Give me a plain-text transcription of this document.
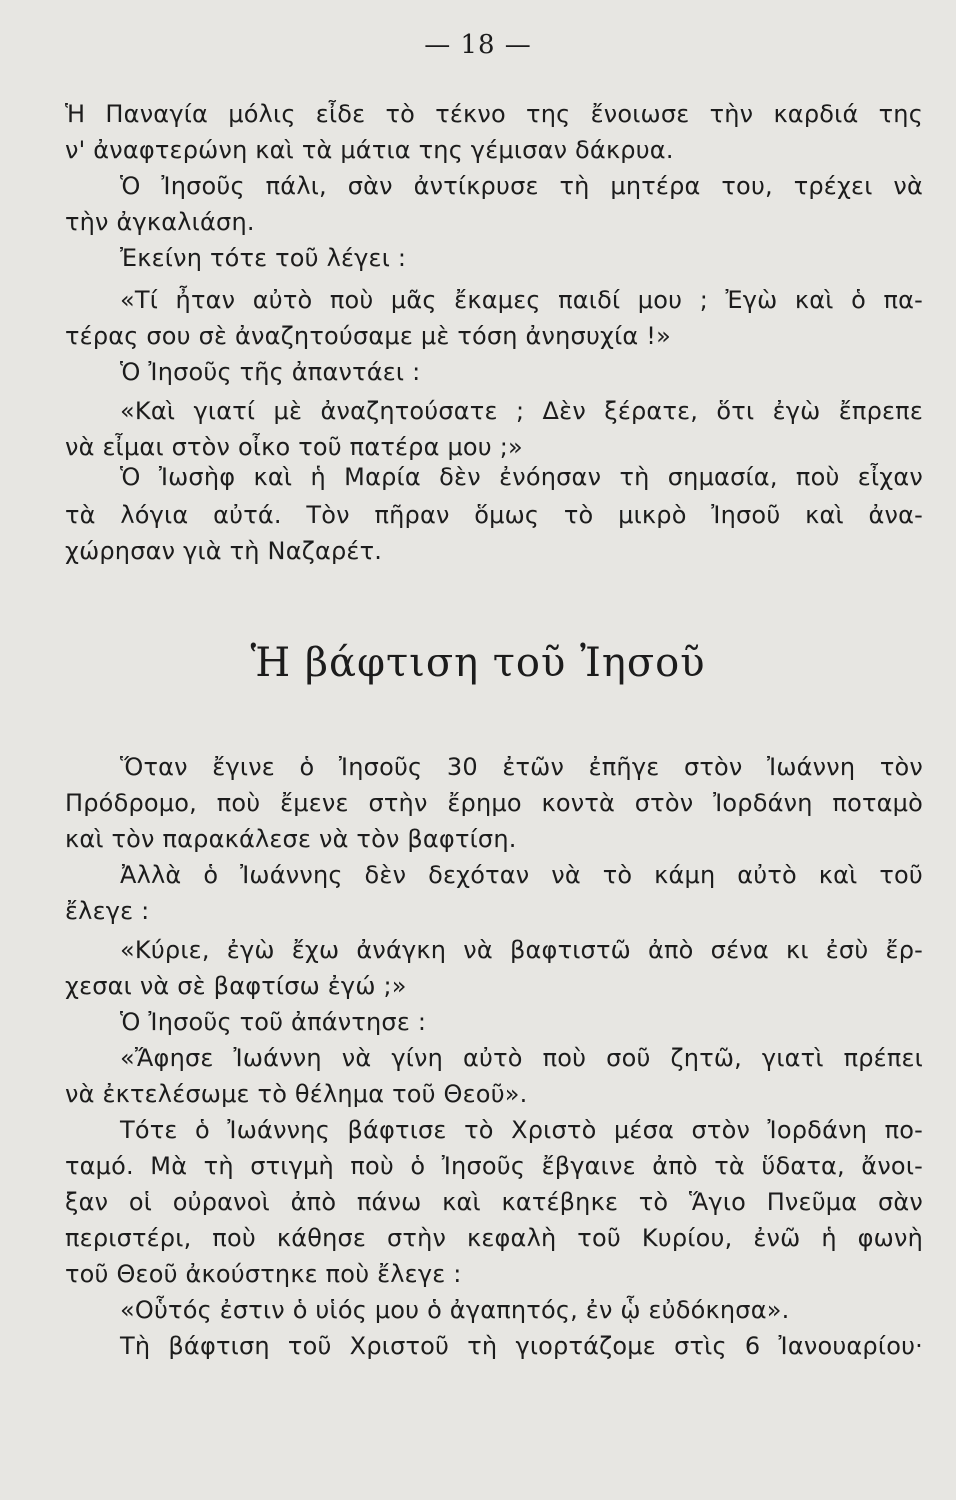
— 18 —
Ἡ Παναγία μόλις εἶδε τὸ τέκνο της ἔνοιωσε τὴν καρδιά της
ν' ἀναφτερώνη καὶ τὰ μάτια της γέμισαν δάκρυα.
Ὁ Ἰησοῦς πάλι, σὰν ἀντίκρυσε τὴ μητέρα του, τρέχει νὰ
τὴν ἀγκαλιάση.
Ἐκείνη τότε τοῦ λέγει :
«Τί ἦταν αὐτὸ ποὺ μᾶς ἔκαμες παιδί μου ; Ἐγὼ καὶ ὁ πα-
τέρας σου σὲ ἀναζητούσαμε μὲ τόση ἀνησυχία !»
Ὁ Ἰησοῦς τῆς ἀπαντάει :
«Καὶ γιατί μὲ ἀναζητούσατε ; Δὲν ξέρατε, ὅτι ἐγὼ ἔπρεπε
νὰ εἶμαι στὸν οἶκο τοῦ πατέρα μου ;»
Ὁ Ἰωσὴφ καὶ ἡ Μαρία δὲν ἐνόησαν τὴ σημασία, ποὺ εἶχαν
τὰ λόγια αὐτά. Τὸν πῆραν ὅμως τὸ μικρὸ Ἰησοῦ καὶ ἀνα-
χώρησαν γιὰ τὴ Ναζαρέτ.
Ἡ βάφτιση τοῦ Ἰησοῦ
Ὅταν ἔγινε ὁ Ἰησοῦς 30 ἐτῶν ἐπῆγε στὸν Ἰωάννη τὸν
Πρόδρομο, ποὺ ἔμενε στὴν ἔρημο κοντὰ στὸν Ἰορδάνη ποταμὸ
καὶ τὸν παρακάλεσε νὰ τὸν βαφτίση.
Ἀλλὰ ὁ Ἰωάννης δὲν δεχόταν νὰ τὸ κάμη αὐτὸ καὶ τοῦ
ἔλεγε :
«Κύριε, ἐγὼ ἔχω ἀνάγκη νὰ βαφτιστῶ ἀπὸ σένα κι ἐσὺ ἔρ-
χεσαι νὰ σὲ βαφτίσω ἐγώ ;»
Ὁ Ἰησοῦς τοῦ ἀπάντησε :
«Ἄφησε Ἰωάννη νὰ γίνη αὐτὸ ποὺ σοῦ ζητῶ, γιατὶ πρέπει
νὰ ἐκτελέσωμε τὸ θέλημα τοῦ Θεοῦ».
Τότε ὁ Ἰωάννης βάφτισε τὸ Χριστὸ μέσα στὸν Ἰορδάνη πο-
ταμό. Μὰ τὴ στιγμὴ ποὺ ὁ Ἰησοῦς ἔβγαινε ἀπὸ τὰ ὕδατα, ἄνοι-
ξαν οἱ οὐρανοὶ ἀπὸ πάνω καὶ κατέβηκε τὸ Ἅγιο Πνεῦμα σὰν
περιστέρι, ποὺ κάθησε στὴν κεφαλὴ τοῦ Κυρίου, ἐνῶ ἡ φωνὴ
τοῦ Θεοῦ ἀκούστηκε ποὺ ἔλεγε :
«Οὗτός ἐστιν ὁ υἱός μου ὁ ἀγαπητός, ἐν ᾧ εὐδόκησα».
Τὴ βάφτιση τοῦ Χριστοῦ τὴ γιορτάζομε στὶς 6 Ἰανουαρίου·
